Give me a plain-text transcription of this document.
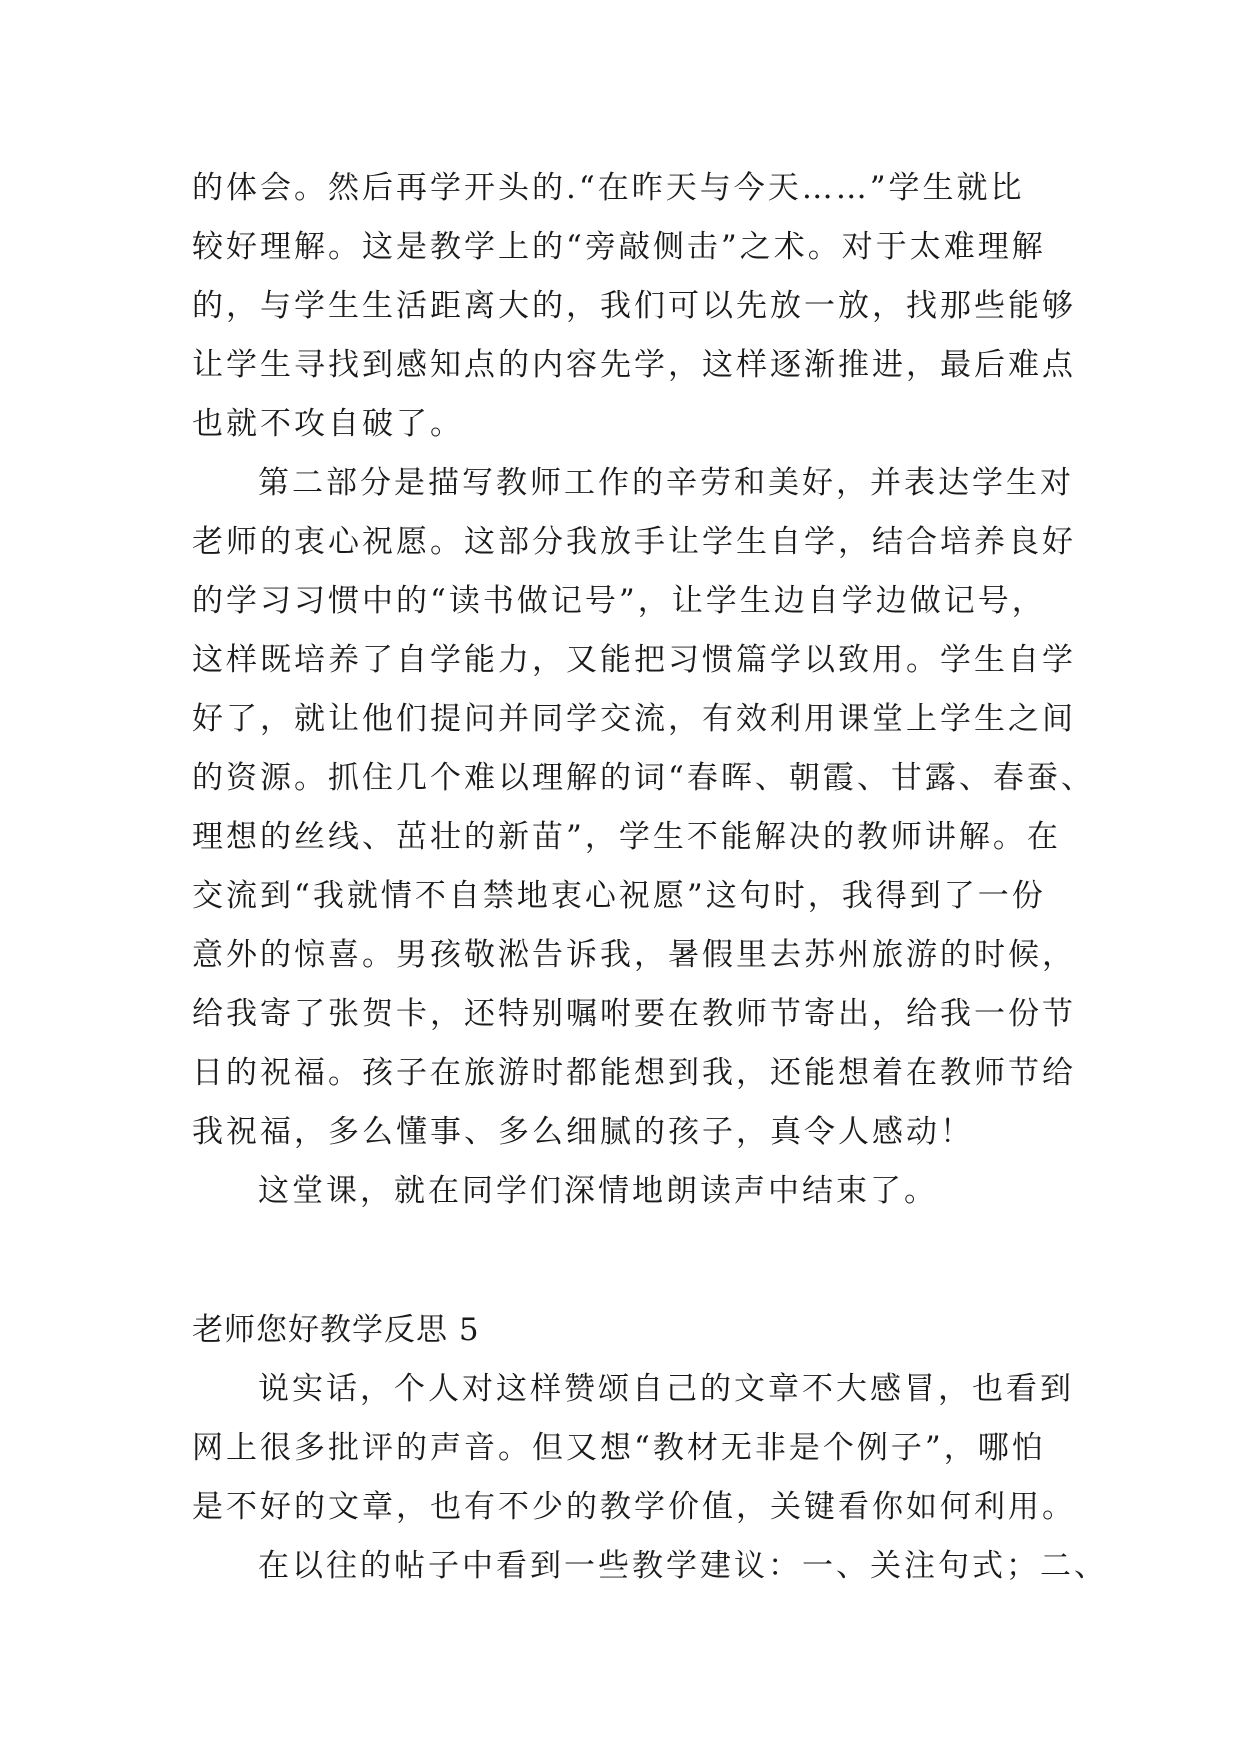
的体会。然后再学开头的.“在昨天与今天……”学生就比
较好理解。这是教学上的“旁敲侧击”之术。对于太难理解
的，与学生生活距离大的，我们可以先放一放，找那些能够
让学生寻找到感知点的内容先学，这样逐渐推进，最后难点
也就不攻自破了。
第二部分是描写教师工作的辛劳和美好，并表达学生对
老师的衷心祝愿。这部分我放手让学生自学，结合培养良好
的学习习惯中的“读书做记号”，让学生边自学边做记号，
这样既培养了自学能力，又能把习惯篇学以致用。学生自学
好了，就让他们提问并同学交流，有效利用课堂上学生之间
的资源。抓住几个难以理解的词“春晖、朝霞、甘露、春蚕、
理想的丝线、茁壮的新苗”，学生不能解决的教师讲解。在
交流到“我就情不自禁地衷心祝愿”这句时，我得到了一份
意外的惊喜。男孩敬淞告诉我，暑假里去苏州旅游的时候，
给我寄了张贺卡，还特别嘱咐要在教师节寄出，给我一份节
日的祝福。孩子在旅游时都能想到我，还能想着在教师节给
我祝福，多么懂事、多么细腻的孩子，真令人感动！
这堂课，就在同学们深情地朗读声中结束了。
老师您好教学反思 5
说实话，个人对这样赞颂自己的文章不大感冒，也看到
网上很多批评的声音。但又想“教材无非是个例子”，哪怕
是不好的文章，也有不少的教学价值，关键看你如何利用。
在以往的帖子中看到一些教学建议：一、关注句式；二、
